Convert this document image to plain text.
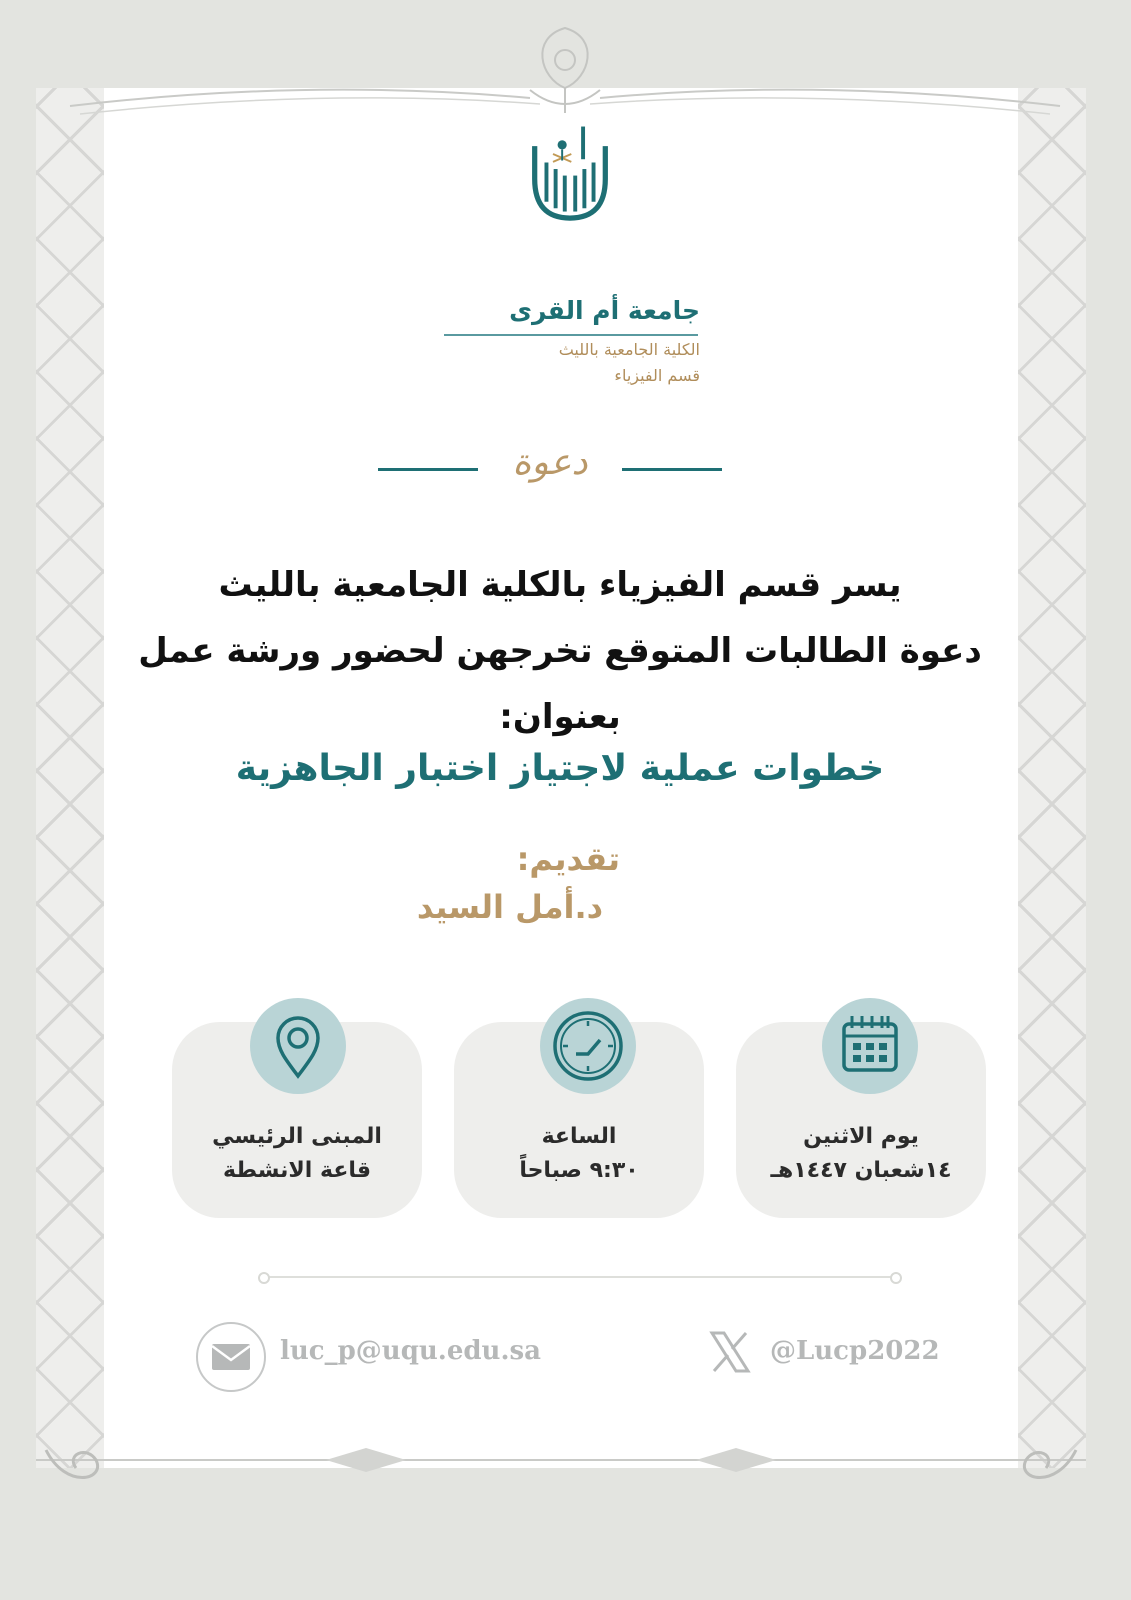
جامعة أم القرى
الكلية الجامعية بالليث
قسم الفيزياء
دعوة
يسر قسم الفيزياء بالكلية الجامعية بالليث
دعوة الطالبات المتوقع تخرجهن لحضور ورشة عمل
بعنوان:
خطوات عملية لاجتياز اختبار الجاهزية
تقديم:
د.أمل السيد
المبنى الرئيسي
قاعة الانشطة
الساعة
٩:٣٠ صباحاً
يوم الاثنين
١٤شعبان ١٤٤٧هـ
luc_p@uqu.edu.sa	@Lucp2022
